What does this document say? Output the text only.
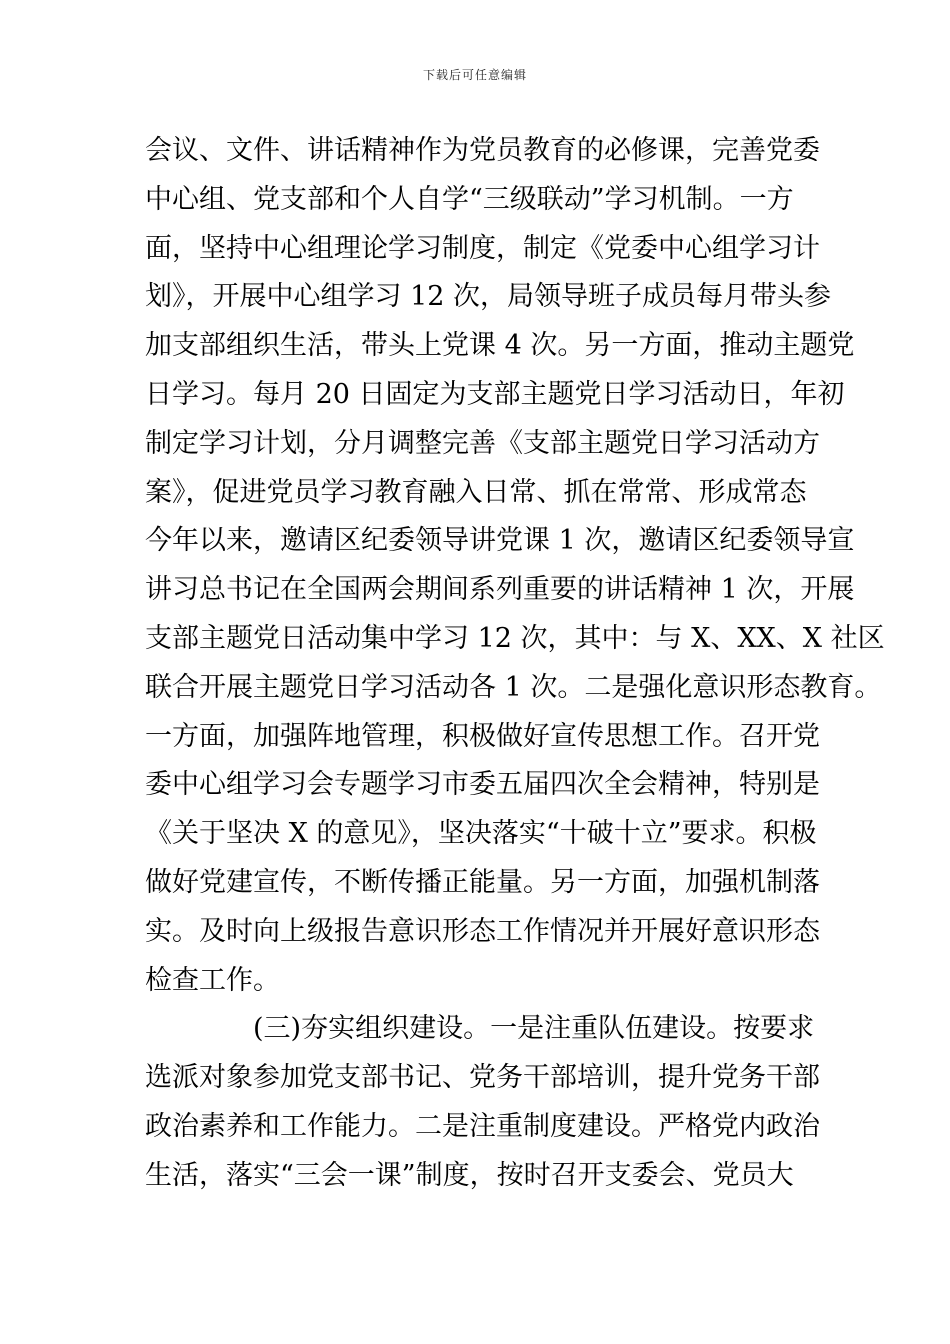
下载后可任意编辑
会议、文件、讲话精神作为党员教育的必修课，完善党委
中心组、党支部和个人自学“三级联动”学习机制。一方
面，坚持中心组理论学习制度，制定《党委中心组学习计
划》，开展中心组学习 12 次，局领导班子成员每月带头参
加支部组织生活，带头上党课 4 次。另一方面，推动主题党
日学习。每月 20 日固定为支部主题党日学习活动日，年初
制定学习计划，分月调整完善《支部主题党日学习活动方
案》，促进党员学习教育融入日常、抓在常常、形成常态
今年以来，邀请区纪委领导讲党课 1 次，邀请区纪委领导宣
讲习总书记在全国两会期间系列重要的讲话精神 1 次，开展
支部主题党日活动集中学习 12 次，其中：与 X、XX、X 社区
联合开展主题党日学习活动各 1 次。二是强化意识形态教育。
一方面，加强阵地管理，积极做好宣传思想工作。召开党
委中心组学习会专题学习市委五届四次全会精神，特别是
《关于坚决 X 的意见》，坚决落实“十破十立”要求。积极
做好党建宣传，不断传播正能量。另一方面，加强机制落
实。及时向上级报告意识形态工作情况并开展好意识形态
检查工作。
(三)夯实组织建设。一是注重队伍建设。按要求
选派对象参加党支部书记、党务干部培训，提升党务干部
政治素养和工作能力。二是注重制度建设。严格党内政治
生活，落实“三会一课”制度，按时召开支委会、党员大
